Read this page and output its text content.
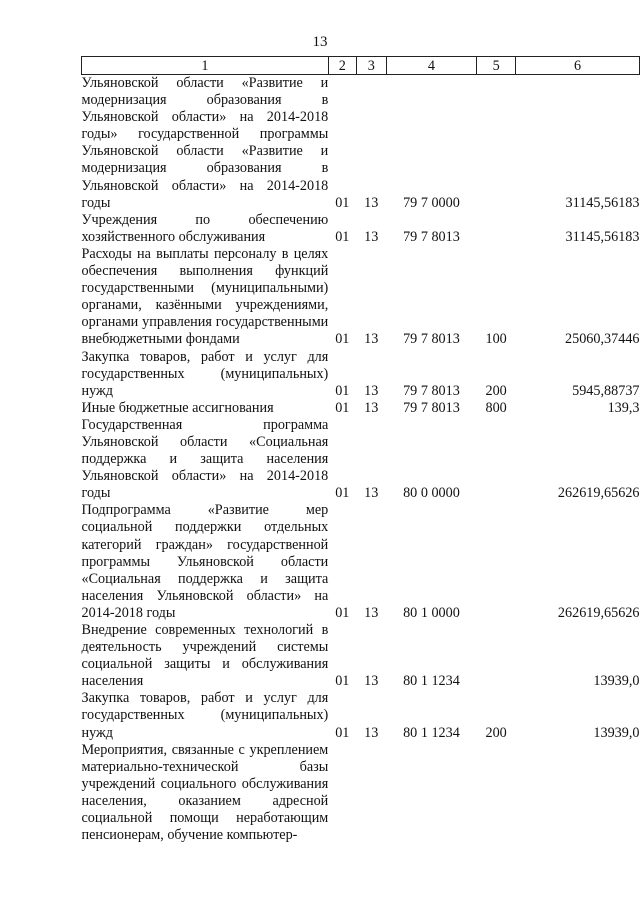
13
1	2	3	4	5	6
Ульяновской области «Развитие и модернизация образования в Ульяновской области» на 2014-2018 годы» государственной программы Ульяновской области «Развитие и модернизация образования в Ульяновской области» на 2014-2018 годы	01	13	79 7 0000		31145,56183
Учреждения по обеспечению хозяйственного обслуживания	01	13	79 7 8013		31145,56183
Расходы на выплаты персоналу в целях обеспечения выполнения функций государственными (муниципальными) органами, казёнными учреждениями, органами управления государственными внебюджетными фондами	01	13	79 7 8013	100	25060,37446
Закупка товаров, работ и услуг для государственных (муниципальных) нужд	01	13	79 7 8013	200	5945,88737
Иные бюджетные ассигнования	01	13	79 7 8013	800	139,3
Государственная программа Ульяновской области «Социальная поддержка и защита населения Ульяновской области» на 2014-2018 годы	01	13	80 0 0000		262619,65626
Подпрограмма «Развитие мер социальной поддержки отдельных категорий граждан» государственной программы Ульяновской области «Социальная поддержка и защита населения Ульяновской области» на 2014-2018 годы	01	13	80 1 0000		262619,65626
Внедрение современных технологий в деятельность учреждений системы социальной защиты и обслуживания населения	01	13	80 1 1234		13939,0
Закупка товаров, работ и услуг для государственных (муниципальных) нужд	01	13	80 1 1234	200	13939,0
Мероприятия, связанные с укреплением материально-технической базы учреждений социального обслуживания населения, оказанием адресной социальной помощи неработающим пенсионерам, обучение компьютер-					
